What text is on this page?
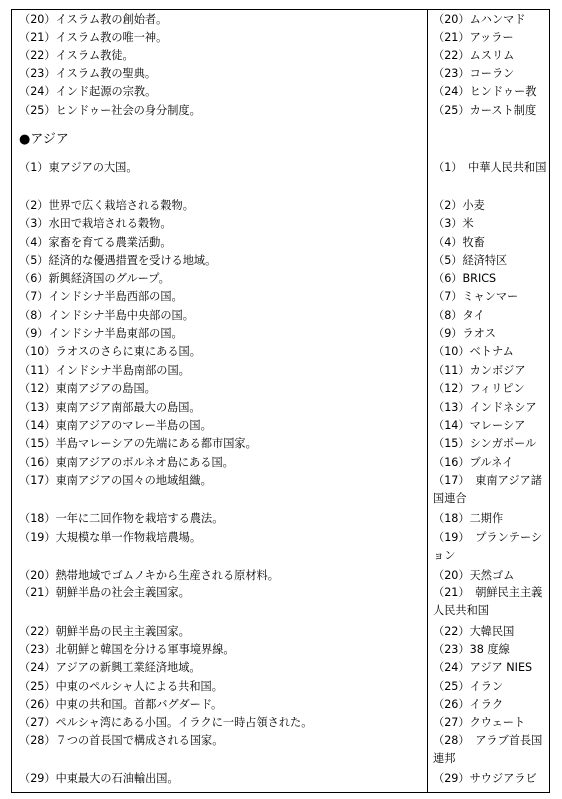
●アジア
（20）イスラム教の創始者。	（20）ムハンマド
（21）イスラム教の唯一神。	（21）アッラー
（22）イスラム教徒。	（22）ムスリム
（23）イスラム教の聖典。	（23）コーラン
（24）インド起源の宗教。	（24）ヒンドゥー教
（25）ヒンドゥー社会の身分制度。	（25）カースト制度
（1）東アジアの大国。	（1）　中華人民共和国
（2）世界で広く栽培される穀物。	（2）小麦
（3）水田で栽培される穀物。	（3）米
（4）家畜を育てる農業活動。	（4）牧畜
（5）経済的な優遇措置を受ける地域。	（5）経済特区
（6）新興経済国のグループ。	（6）BRICS
（7）インドシナ半島西部の国。	（7）ミャンマー
（8）インドシナ半島中央部の国。	（8）タイ
（9）インドシナ半島東部の国。	（9）ラオス
（10）ラオスのさらに東にある国。	（10）ベトナム
（11）インドシナ半島南部の国。	（11）カンボジア
（12）東南アジアの島国。	（12）フィリピン
（13）東南アジア南部最大の島国。	（13）インドネシア
（14）東南アジアのマレー半島の国。	（14）マレーシア
（15）半島マレーシアの先端にある都市国家。	（15）シンガポール
（16）東南アジアのボルネオ島にある国。	（16）ブルネイ
（17）東南アジアの国々の地域組織。	（17）　東南アジア諸国連合
（18）一年に二回作物を栽培する農法。	（18）二期作
（19）大規模な単一作物栽培農場。	（19）　プランテーション
（20）熱帯地域でゴムノキから生産される原材料。	（20）天然ゴム
（21）朝鮮半島の社会主義国家。	（21）　朝鮮民主主義人民共和国
（22）朝鮮半島の民主主義国家。	（22）大韓民国
（23）北朝鮮と韓国を分ける軍事境界線。	（23）38 度線
（24）アジアの新興工業経済地域。	（24）アジア NIES
（25）中東のペルシャ人による共和国。	（25）イラン
（26）中東の共和国。首都バグダード。	（26）イラク
（27）ペルシャ湾にある小国。イラクに一時占領された。	（27）クウェート
（28）７つの首長国で構成される国家。	（28）　アラブ首長国連邦
（29）中東最大の石油輸出国。	（29）サウジアラビ
